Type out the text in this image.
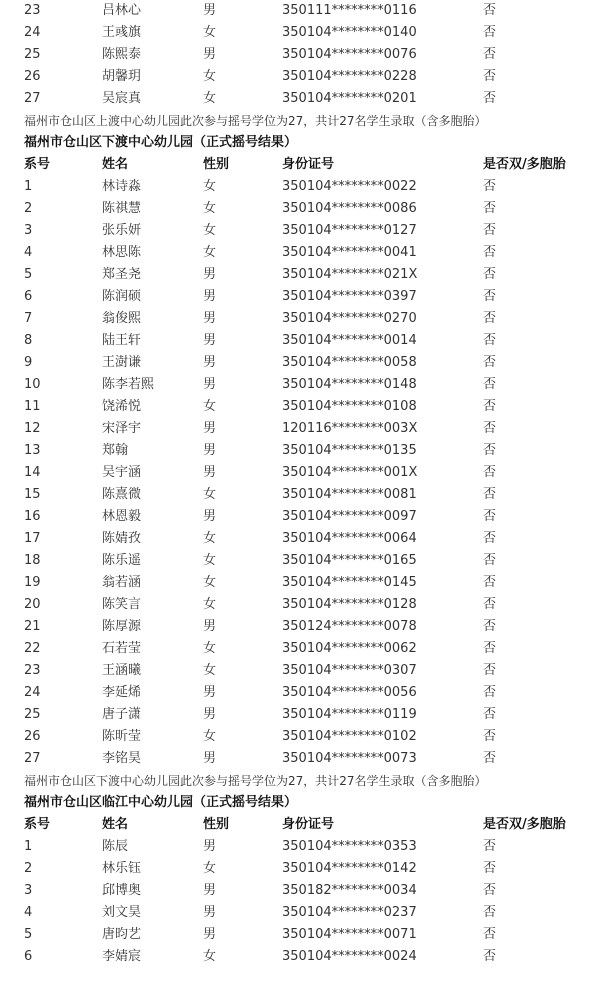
23	吕林心	男	350111********0116	否
24	王彧旗	女	350104********0140	否
25	陈熙泰	男	350104********0076	否
26	胡馨玥	女	350104********0228	否
27	吴宸真	女	350104********0201	否
福州市仓山区上渡中心幼儿园此次参与摇号学位为27，共计27名学生录取（含多胞胎）
福州市仓山区下渡中心幼儿园（正式摇号结果）
系号	姓名	性别	身份证号	是否双/多胞胎
1	林诗淼	女	350104********0022	否
2	陈祺慧	女	350104********0086	否
3	张乐妍	女	350104********0127	否
4	林思陈	女	350104********0041	否
5	郑圣尧	男	350104********021X	否
6	陈润硕	男	350104********0397	否
7	翁俊熙	男	350104********0270	否
8	陆王轩	男	350104********0014	否
9	王澍谦	男	350104********0058	否
10	陈李若熙	男	350104********0148	否
11	饶浠悦	女	350104********0108	否
12	宋泽宇	男	120116********003X	否
13	郑翰	男	350104********0135	否
14	吴宇涵	男	350104********001X	否
15	陈熹微	女	350104********0081	否
16	林恩毅	男	350104********0097	否
17	陈婧孜	女	350104********0064	否
18	陈乐遥	女	350104********0165	否
19	翁若涵	女	350104********0145	否
20	陈笑言	女	350104********0128	否
21	陈厚源	男	350124********0078	否
22	石若莹	女	350104********0062	否
23	王涵曦	女	350104********0307	否
24	李延烯	男	350104********0056	否
25	唐子潇	男	350104********0119	否
26	陈昕莹	女	350104********0102	否
27	李铭昊	男	350104********0073	否
福州市仓山区下渡中心幼儿园此次参与摇号学位为27，共计27名学生录取（含多胞胎）
福州市仓山区临江中心幼儿园（正式摇号结果）
系号	姓名	性别	身份证号	是否双/多胞胎
1	陈辰	男	350104********0353	否
2	林乐钰	女	350104********0142	否
3	邱博奥	男	350182********0034	否
4	刘文昊	男	350104********0237	否
5	唐昀艺	男	350104********0071	否
6	李婧宸	女	350104********0024	否
